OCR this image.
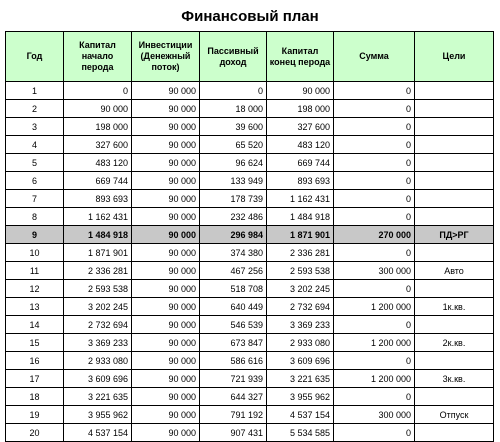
Финансовый план
Год	Капитал начало перода	Инвестиции (Денежный поток)	Пассивный доход	Капитал конец перода	Сумма	Цели
1	0	90 000	0	90 000	0	
2	90 000	90 000	18 000	198 000	0	
3	198 000	90 000	39 600	327 600	0	
4	327 600	90 000	65 520	483 120	0	
5	483 120	90 000	96 624	669 744	0	
6	669 744	90 000	133 949	893 693	0	
7	893 693	90 000	178 739	1 162 431	0	
8	1 162 431	90 000	232 486	1 484 918	0	
9	1 484 918	90 000	296 984	1 871 901	270 000	ПД>РГ
10	1 871 901	90 000	374 380	2 336 281	0	
11	2 336 281	90 000	467 256	2 593 538	300 000	Авто
12	2 593 538	90 000	518 708	3 202 245	0	
13	3 202 245	90 000	640 449	2 732 694	1 200 000	1к.кв.
14	2 732 694	90 000	546 539	3 369 233	0	
15	3 369 233	90 000	673 847	2 933 080	1 200 000	2к.кв.
16	2 933 080	90 000	586 616	3 609 696	0	
17	3 609 696	90 000	721 939	3 221 635	1 200 000	3к.кв.
18	3 221 635	90 000	644 327	3 955 962	0	
19	3 955 962	90 000	791 192	4 537 154	300 000	Отпуск
20	4 537 154	90 000	907 431	5 534 585	0	
